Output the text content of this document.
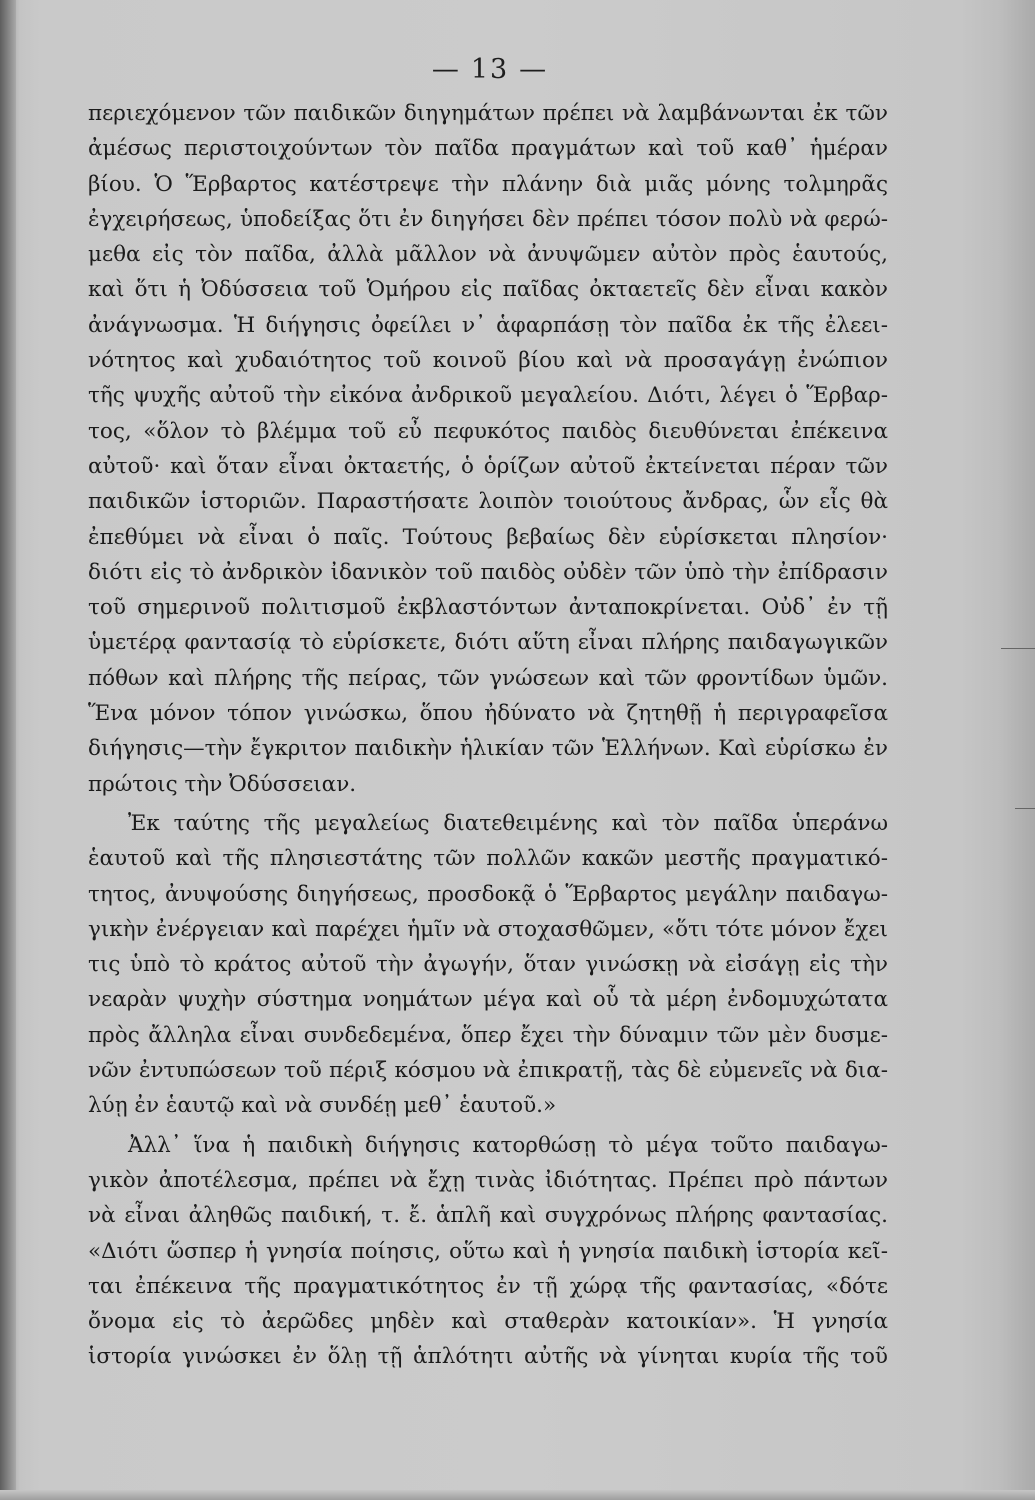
— 13 —
περιεχόμενον τῶν παιδικῶν διηγημάτων πρέπει νὰ λαμβάνωνται ἐκ τῶν
ἀμέσως περιστοιχούντων τὸν παῖδα πραγμάτων καὶ τοῦ καθ᾽ ἡμέραν
βίου. Ὁ Ἕρβαρτος κατέστρεψε τὴν πλάνην διὰ μιᾶς μόνης τολμηρᾶς
ἐγχειρήσεως, ὑποδείξας ὅτι ἐν διηγήσει δὲν πρέπει τόσον πολὺ νὰ φερώ-
μεθα εἰς τὸν παῖδα, ἀλλὰ μᾶλλον νὰ ἀνυψῶμεν αὐτὸν πρὸς ἑαυτούς,
καὶ ὅτι ἡ Ὀδύσσεια τοῦ Ὁμήρου εἰς παῖδας ὀκταετεῖς δὲν εἶναι κακὸν
ἀνάγνωσμα. Ἡ διήγησις ὀφείλει ν᾽ ἁφαρπάσῃ τὸν παῖδα ἐκ τῆς ἐλεει-
νότητος καὶ χυδαιότητος τοῦ κοινοῦ βίου καὶ νὰ προσαγάγῃ ἐνώπιον
τῆς ψυχῆς αὐτοῦ τὴν εἰκόνα ἀνδρικοῦ μεγαλείου. Διότι, λέγει ὁ Ἕρβαρ-
τος, «ὅλον τὸ βλέμμα τοῦ εὖ πεφυκότος παιδὸς διευθύνεται ἐπέκεινα
αὐτοῦ· καὶ ὅταν εἶναι ὀκταετής, ὁ ὁρίζων αὐτοῦ ἐκτείνεται πέραν τῶν
παιδικῶν ἱστοριῶν. Παραστήσατε λοιπὸν τοιούτους ἄνδρας, ὧν εἷς θὰ
ἐπεθύμει νὰ εἶναι ὁ παῖς. Τούτους βεβαίως δὲν εὑρίσκεται πλησίον·
διότι εἰς τὸ ἀνδρικὸν ἰδανικὸν τοῦ παιδὸς οὐδὲν τῶν ὑπὸ τὴν ἐπίδρασιν
τοῦ σημερινοῦ πολιτισμοῦ ἐκβλαστόντων ἀνταποκρίνεται. Οὐδ᾽ ἐν τῇ
ὑμετέρᾳ φαντασίᾳ τὸ εὑρίσκετε, διότι αὕτη εἶναι πλήρης παιδαγωγικῶν
πόθων καὶ πλήρης τῆς πείρας, τῶν γνώσεων καὶ τῶν φροντίδων ὑμῶν.
Ἕνα μόνον τόπον γινώσκω, ὅπου ἠδύνατο νὰ ζητηθῇ ἡ περιγραφεῖσα
διήγησις—τὴν ἔγκριτον παιδικὴν ἡλικίαν τῶν Ἑλλήνων. Καὶ εὑρίσκω ἐν
πρώτοις τὴν Ὀδύσσειαν.
Ἐκ ταύτης τῆς μεγαλείως διατεθειμένης καὶ τὸν παῖδα ὑπεράνω
ἑαυτοῦ καὶ τῆς πλησιεστάτης τῶν πολλῶν κακῶν μεστῆς πραγματικό-
τητος, ἀνυψούσης διηγήσεως, προσδοκᾷ ὁ Ἕρβαρτος μεγάλην παιδαγω-
γικὴν ἐνέργειαν καὶ παρέχει ἡμῖν νὰ στοχασθῶμεν, «ὅτι τότε μόνον ἔχει
τις ὑπὸ τὸ κράτος αὐτοῦ τὴν ἀγωγήν, ὅταν γινώσκῃ νὰ εἰσάγῃ εἰς τὴν
νεαρὰν ψυχὴν σύστημα νοημάτων μέγα καὶ οὗ τὰ μέρη ἐνδομυχώτατα
πρὸς ἄλληλα εἶναι συνδεδεμένα, ὅπερ ἔχει τὴν δύναμιν τῶν μὲν δυσμε-
νῶν ἐντυπώσεων τοῦ πέριξ κόσμου νὰ ἐπικρατῇ, τὰς δὲ εὐμενεῖς νὰ δια-
λύῃ ἐν ἑαυτῷ καὶ νὰ συνδέῃ μεθ᾽ ἑαυτοῦ.»
Ἀλλ᾽ ἵνα ἡ παιδικὴ διήγησις κατορθώσῃ τὸ μέγα τοῦτο παιδαγω-
γικὸν ἀποτέλεσμα, πρέπει νὰ ἔχῃ τινὰς ἰδιότητας. Πρέπει πρὸ πάντων
νὰ εἶναι ἀληθῶς παιδική, τ. ἔ. ἁπλῆ καὶ συγχρόνως πλήρης φαντασίας.
«Διότι ὥσπερ ἡ γνησία ποίησις, οὕτω καὶ ἡ γνησία παιδικὴ ἱστορία κεῖ-
ται ἐπέκεινα τῆς πραγματικότητος ἐν τῇ χώρᾳ τῆς φαντασίας, «δότε
ὄνομα εἰς τὸ ἀερῶδες μηδὲν καὶ σταθερὰν κατοικίαν». Ἡ γνησία
ἱστορία γινώσκει ἐν ὅλῃ τῇ ἁπλότητι αὐτῆς νὰ γίνηται κυρία τῆς τοῦ
